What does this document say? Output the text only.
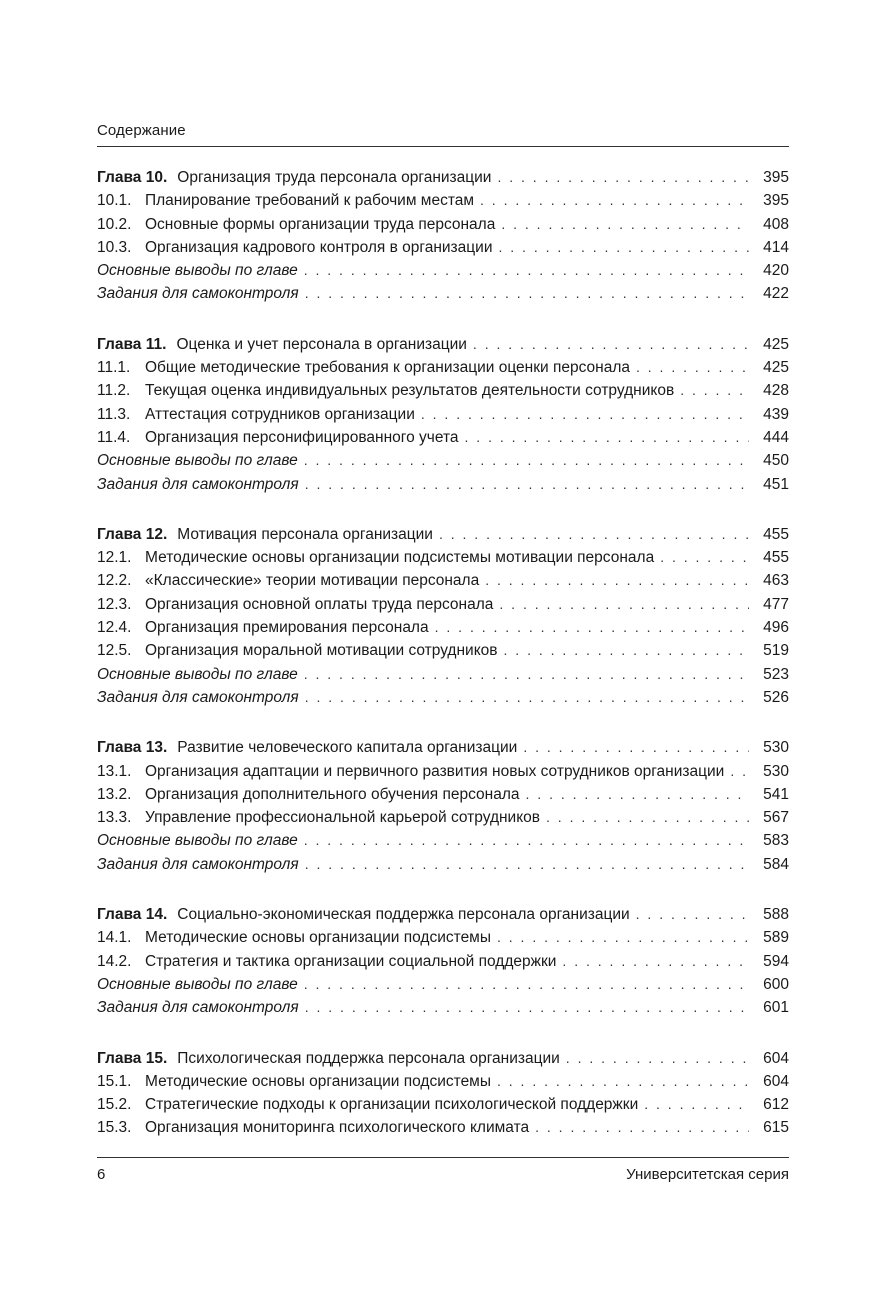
Содержание
Глава 10. Организация труда персонала организации . . .	395
10.1. Планирование требований к рабочим местам . . .	395
10.2. Основные формы организации труда персонала . . .	408
10.3. Организация кадрового контроля в организации . . .	414
Основные выводы по главе . . .	420
Задания для самоконтроля . . .	422
Глава 11. Оценка и учет персонала в организации . . .	425
11.1. Общие методические требования к организации оценки персонала . . .	425
11.2. Текущая оценка индивидуальных результатов деятельности сотрудников . . .	428
11.3. Аттестация сотрудников организации . . .	439
11.4. Организация персонифицированного учета . . .	444
Основные выводы по главе . . .	450
Задания для самоконтроля . . .	451
Глава 12. Мотивация персонала организации . . .	455
12.1. Методические основы организации подсистемы мотивации персонала . . .	455
12.2. «Классические» теории мотивации персонала . . .	463
12.3. Организация основной оплаты труда персонала . . .	477
12.4. Организация премирования персонала . . .	496
12.5. Организация моральной мотивации сотрудников . . .	519
Основные выводы по главе . . .	523
Задания для самоконтроля . . .	526
Глава 13. Развитие человеческого капитала организации . . .	530
13.1. Организация адаптации и первичного развития новых сотрудников организации . . .	530
13.2. Организация дополнительного обучения персонала . . .	541
13.3. Управление профессиональной карьерой сотрудников . . .	567
Основные выводы по главе . . .	583
Задания для самоконтроля . . .	584
Глава 14. Социально-экономическая поддержка персонала организации . . .	588
14.1. Методические основы организации подсистемы . . .	589
14.2. Стратегия и тактика организации социальной поддержки . . .	594
Основные выводы по главе . . .	600
Задания для самоконтроля . . .	601
Глава 15. Психологическая поддержка персонала организации . . .	604
15.1. Методические основы организации подсистемы . . .	604
15.2. Стратегические подходы к организации психологической поддержки . . .	612
15.3. Организация мониторинга психологического климата . . .	615
6	Университетская серия
